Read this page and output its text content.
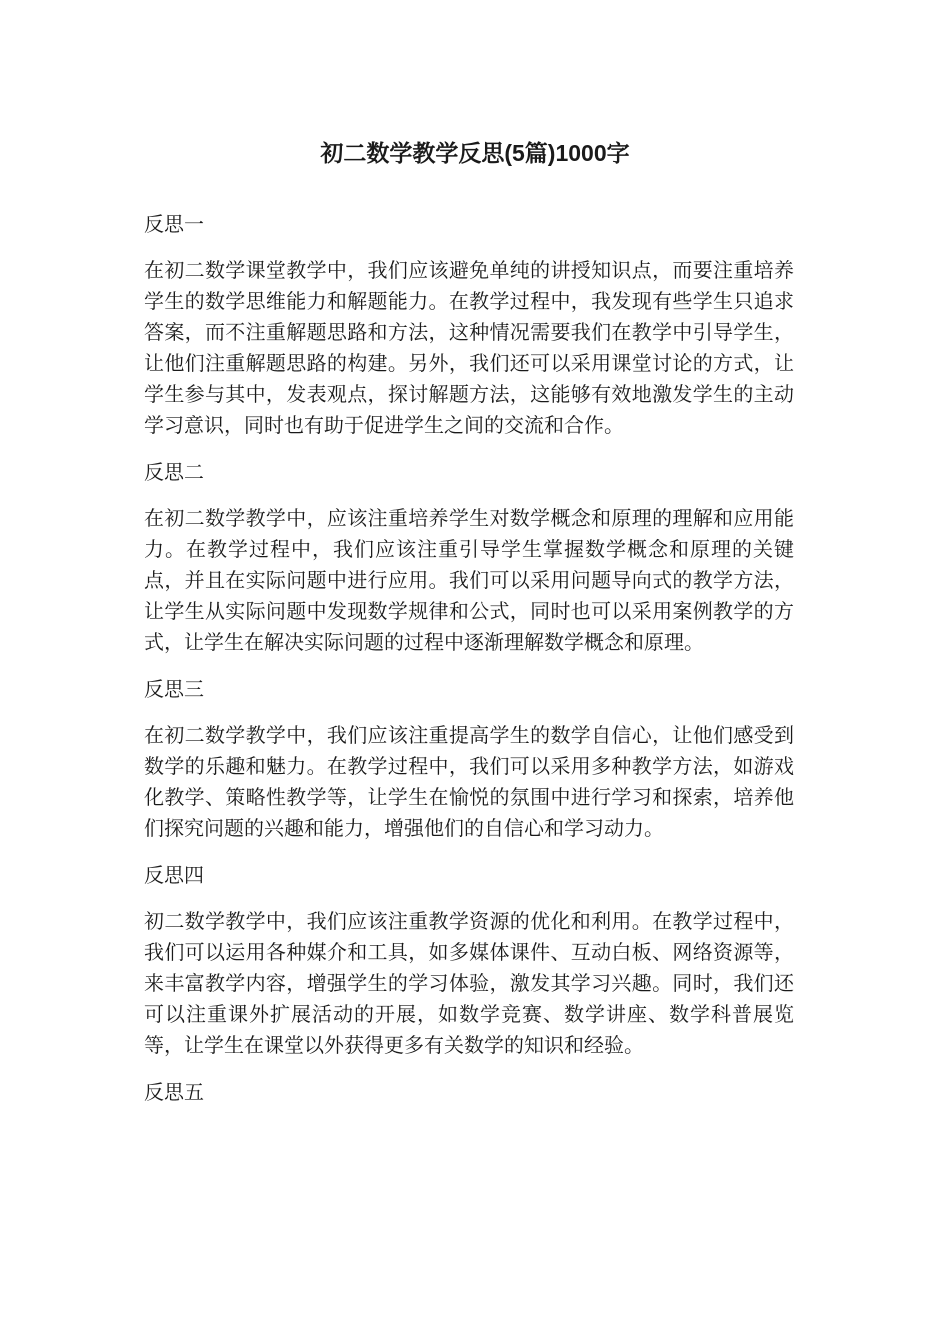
初二数学教学反思(5篇)1000字

反思一

在初二数学课堂教学中，我们应该避免单纯的讲授知识点，而要注重培养学生的数学思维能力和解题能力。在教学过程中，我发现有些学生只追求答案，而不注重解题思路和方法，这种情况需要我们在教学中引导学生，让他们注重解题思路的构建。另外，我们还可以采用课堂讨论的方式，让学生参与其中，发表观点，探讨解题方法，这能够有效地激发学生的主动学习意识，同时也有助于促进学生之间的交流和合作。

反思二

在初二数学教学中，应该注重培养学生对数学概念和原理的理解和应用能力。在教学过程中，我们应该注重引导学生掌握数学概念和原理的关键点，并且在实际问题中进行应用。我们可以采用问题导向式的教学方法，让学生从实际问题中发现数学规律和公式，同时也可以采用案例教学的方式，让学生在解决实际问题的过程中逐渐理解数学概念和原理。

反思三

在初二数学教学中，我们应该注重提高学生的数学自信心，让他们感受到数学的乐趣和魅力。在教学过程中，我们可以采用多种教学方法，如游戏化教学、策略性教学等，让学生在愉悦的氛围中进行学习和探索，培养他们探究问题的兴趣和能力，增强他们的自信心和学习动力。

反思四

初二数学教学中，我们应该注重教学资源的优化和利用。在教学过程中，我们可以运用各种媒介和工具，如多媒体课件、互动白板、网络资源等，来丰富教学内容，增强学生的学习体验，激发其学习兴趣。同时，我们还可以注重课外扩展活动的开展，如数学竞赛、数学讲座、数学科普展览等，让学生在课堂以外获得更多有关数学的知识和经验。

反思五
